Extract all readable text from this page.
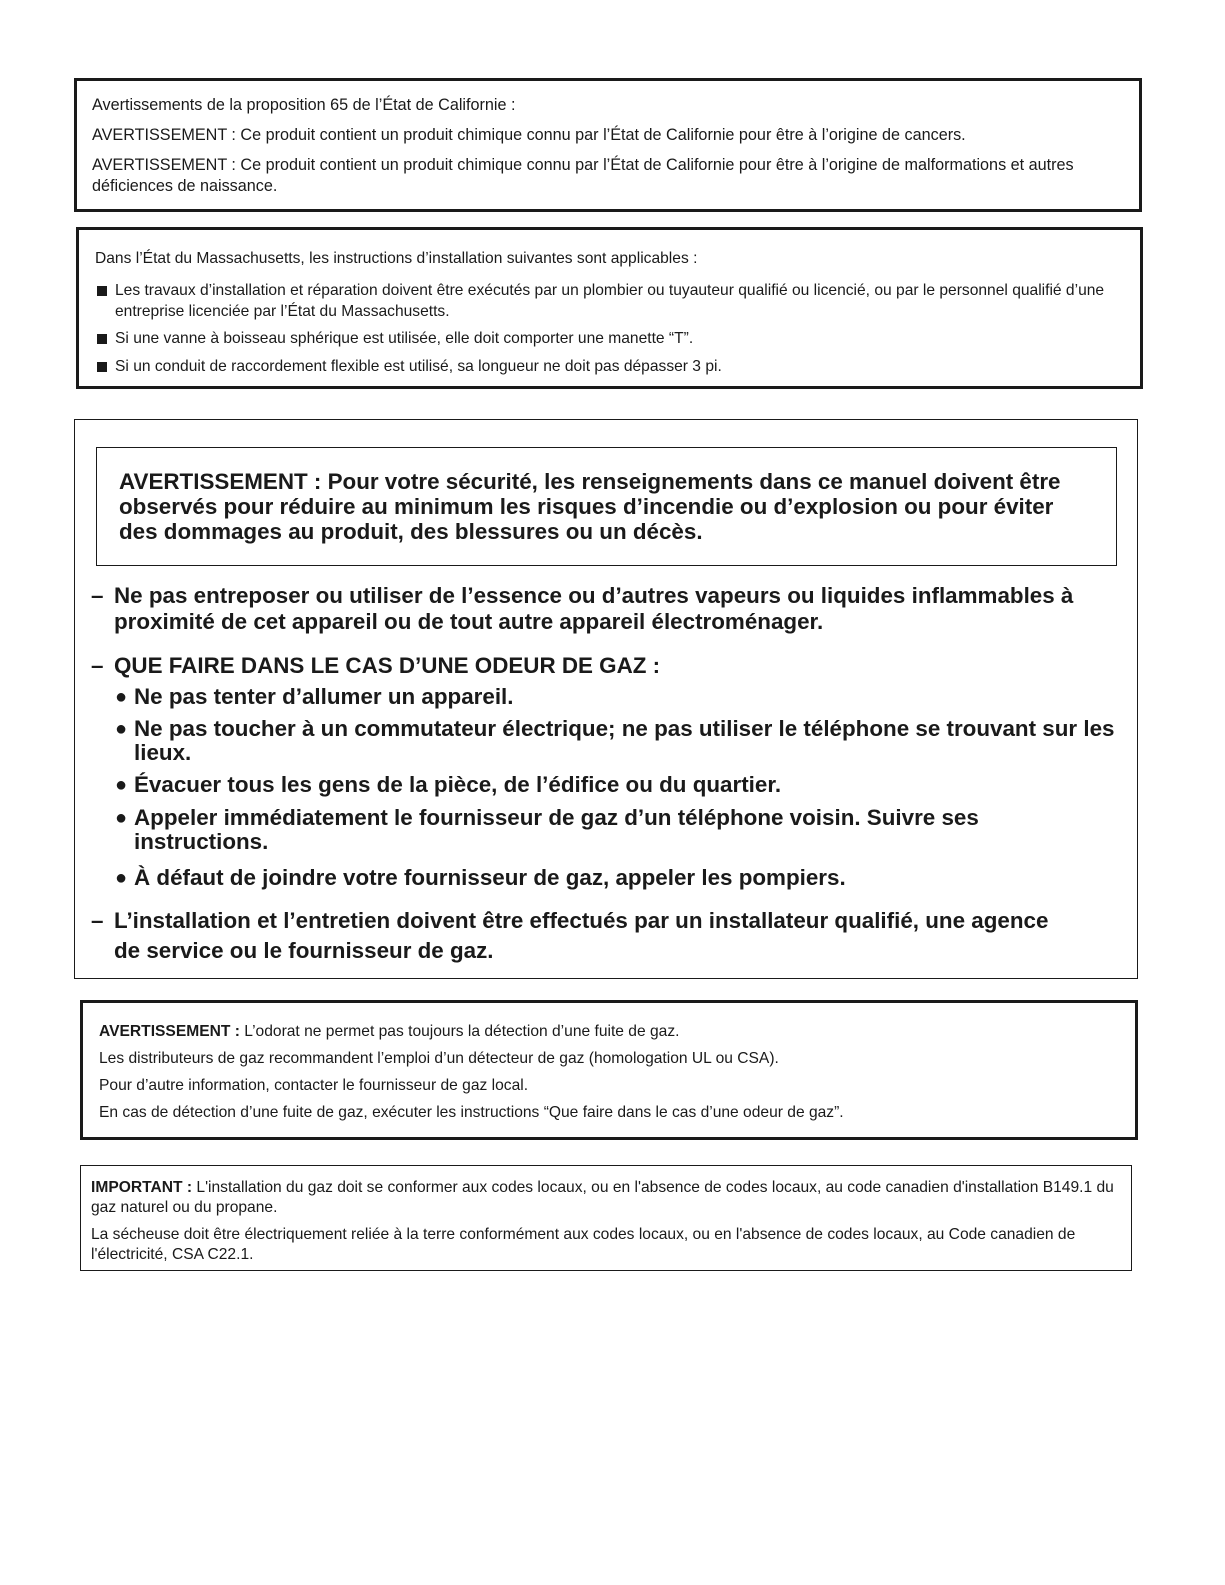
Avertissements de la proposition 65 de l’État de Californie :

AVERTISSEMENT : Ce produit contient un produit chimique connu par l’État de Californie pour être à l’origine de cancers.

AVERTISSEMENT : Ce produit contient un produit chimique connu par l’État de Californie pour être à l’origine de malformations et autres déficiences de naissance.

Dans l’État du Massachusetts, les instructions d’installation suivantes sont applicables :

Les travaux d’installation et réparation doivent être exécutés par un plombier ou tuyauteur qualifié ou licencié, ou par le personnel qualifié d’une entreprise licenciée par l’État du Massachusetts.
Si une vanne à boisseau sphérique est utilisée, elle doit comporter une manette “T”.
Si un conduit de raccordement flexible est utilisé, sa longueur ne doit pas dépasser 3 pi.

AVERTISSEMENT : Pour votre sécurité, les renseignements dans ce manuel doivent être observés pour réduire au minimum les risques d’incendie ou d’explosion ou pour éviter des dommages au produit, des blessures ou un décès.

– Ne pas entreposer ou utiliser de l’essence ou d’autres vapeurs ou liquides inflammables à proximité de cet appareil ou de tout autre appareil électroménager.
– QUE FAIRE DANS LE CAS D’UNE ODEUR DE GAZ :
● Ne pas tenter d’allumer un appareil.
● Ne pas toucher à un commutateur électrique; ne pas utiliser le téléphone se trouvant sur les lieux.
● Évacuer tous les gens de la pièce, de l’édifice ou du quartier.
● Appeler immédiatement le fournisseur de gaz d’un téléphone voisin. Suivre ses instructions.
● À défaut de joindre votre fournisseur de gaz, appeler les pompiers.
– L’installation et l’entretien doivent être effectués par un installateur qualifié, une agence de service ou le fournisseur de gaz.

AVERTISSEMENT : L’odorat ne permet pas toujours la détection d’une fuite de gaz.

Les distributeurs de gaz recommandent l’emploi d’un détecteur de gaz (homologation UL ou CSA).

Pour d’autre information, contacter le fournisseur de gaz local.

En cas de détection d’une fuite de gaz, exécuter les instructions “Que faire dans le cas d’une odeur de gaz”.

IMPORTANT : L'installation du gaz doit se conformer aux codes locaux, ou en l'absence de codes locaux, au code canadien d'installation B149.1 du gaz naturel ou du propane.

La sécheuse doit être électriquement reliée à la terre conformément aux codes locaux, ou en l'absence de codes locaux, au Code canadien de l'électricité, CSA C22.1.
